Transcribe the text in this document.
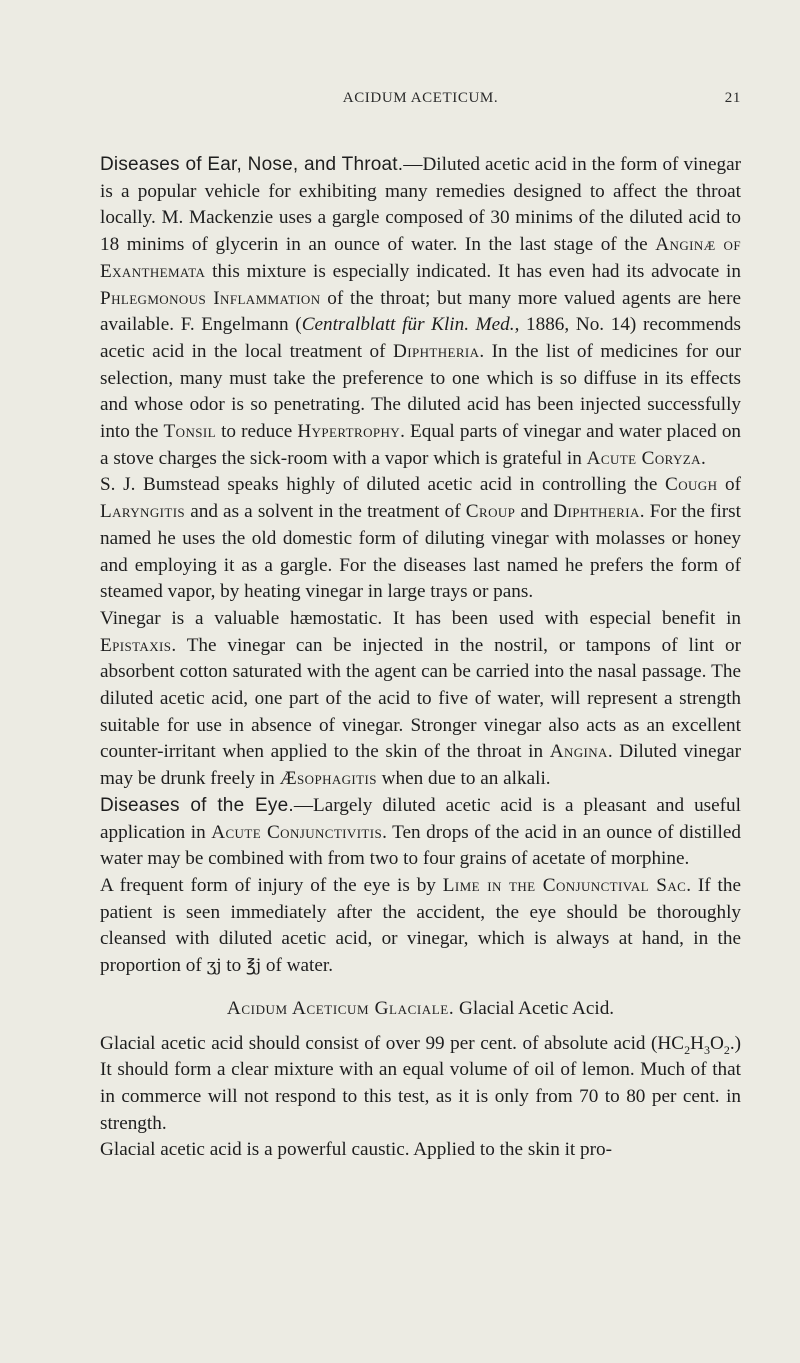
ACIDUM ACETICUM.	21

Diseases of Ear, Nose, and Throat.—Diluted acetic acid in the form of vinegar is a popular vehicle for exhibiting many remedies designed to affect the throat locally. M. Mackenzie uses a gargle composed of 30 minims of the diluted acid to 18 minims of glycerin in an ounce of water. In the last stage of the Anginæ of Exanthemata this mixture is especially indicated. It has even had its advocate in Phlegmonous Inflammation of the throat; but many more valued agents are here available. F. Engelmann (Centralblatt für Klin. Med., 1886, No. 14) recommends acetic acid in the local treatment of Diphtheria. In the list of medicines for our selection, many must take the preference to one which is so diffuse in its effects and whose odor is so penetrating. The diluted acid has been injected successfully into the Tonsil to reduce Hypertrophy. Equal parts of vinegar and water placed on a stove charges the sick-room with a vapor which is grateful in Acute Coryza.

S. J. Bumstead speaks highly of diluted acetic acid in controlling the Cough of Laryngitis and as a solvent in the treatment of Croup and Diphtheria. For the first named he uses the old domestic form of diluting vinegar with molasses or honey and employing it as a gargle. For the diseases last named he prefers the form of steamed vapor, by heating vinegar in large trays or pans.

Vinegar is a valuable hæmostatic. It has been used with especial benefit in Epistaxis. The vinegar can be injected in the nostril, or tampons of lint or absorbent cotton saturated with the agent can be carried into the nasal passage. The diluted acetic acid, one part of the acid to five of water, will represent a strength suitable for use in absence of vinegar. Stronger vinegar also acts as an excellent counter-irritant when applied to the skin of the throat in Angina. Diluted vinegar may be drunk freely in Æsophagitis when due to an alkali.

Diseases of the Eye.—Largely diluted acetic acid is a pleasant and useful application in Acute Conjunctivitis. Ten drops of the acid in an ounce of distilled water may be combined with from two to four grains of acetate of morphine.

A frequent form of injury of the eye is by Lime in the Conjunctival Sac. If the patient is seen immediately after the accident, the eye should be thoroughly cleansed with diluted acetic acid, or vinegar, which is always at hand, in the proportion of ʒj to ℥j of water.

Acidum Aceticum Glaciale. Glacial Acetic Acid.

Glacial acetic acid should consist of over 99 per cent. of absolute acid $(HC_2H_3O_2.)$ It should form a clear mixture with an equal volume of oil of lemon. Much of that in commerce will not respond to this test, as it is only from 70 to 80 per cent. in strength.

Glacial acetic acid is a powerful caustic. Applied to the skin it pro-
